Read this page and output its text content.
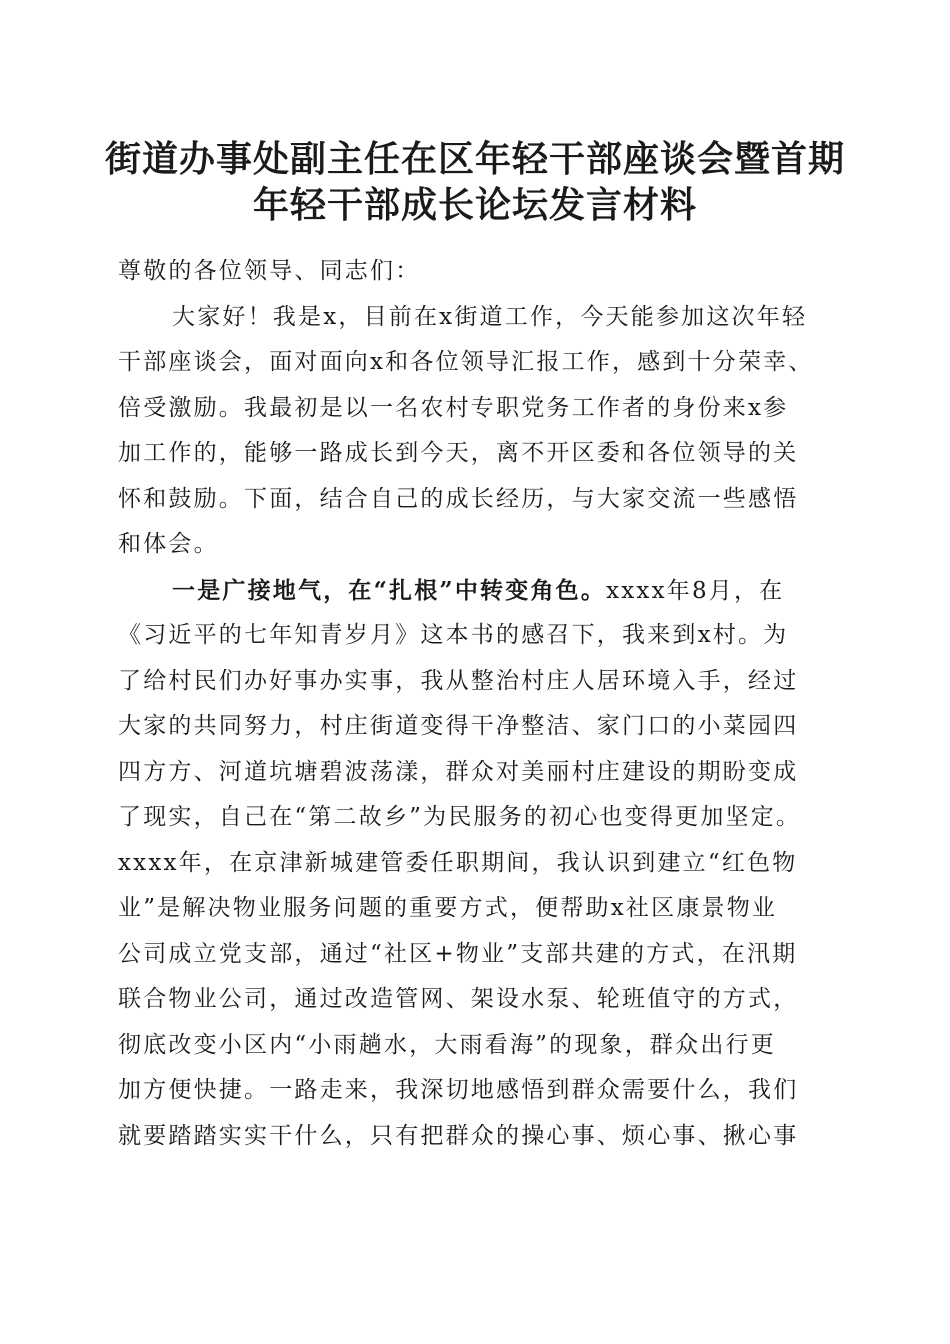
街道办事处副主任在区年轻干部座谈会暨首期
年轻干部成长论坛发言材料
尊敬的各位领导、同志们：
大家好！我是x，目前在x街道工作，今天能参加这次年轻
干部座谈会，面对面向x和各位领导汇报工作，感到十分荣幸、
倍受激励。我最初是以一名农村专职党务工作者的身份来x参
加工作的，能够一路成长到今天，离不开区委和各位领导的关
怀和鼓励。下面，结合自己的成长经历，与大家交流一些感悟
和体会。
一是广接地气，在“扎根”中转变角色。xxxx年8月，在
《习近平的七年知青岁月》这本书的感召下，我来到x村。为
了给村民们办好事办实事，我从整治村庄人居环境入手，经过
大家的共同努力，村庄街道变得干净整洁、家门口的小菜园四
四方方、河道坑塘碧波荡漾，群众对美丽村庄建设的期盼变成
了现实，自己在“第二故乡”为民服务的初心也变得更加坚定。
xxxx年，在京津新城建管委任职期间，我认识到建立“红色物
业”是解决物业服务问题的重要方式，便帮助x社区康景物业
公司成立党支部，通过“社区+物业”支部共建的方式，在汛期
联合物业公司，通过改造管网、架设水泵、轮班值守的方式，
彻底改变小区内“小雨趟水，大雨看海”的现象，群众出行更
加方便快捷。一路走来，我深切地感悟到群众需要什么，我们
就要踏踏实实干什么，只有把群众的操心事、烦心事、揪心事
